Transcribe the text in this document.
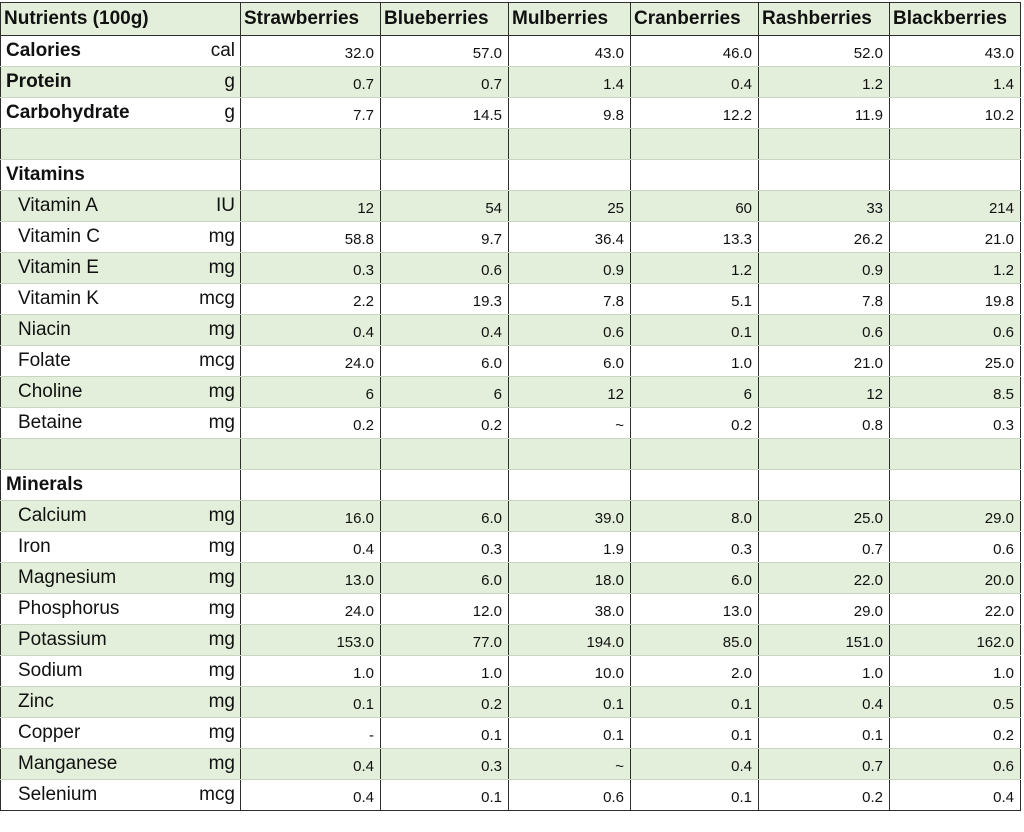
Nutrients (100g)	Strawberries	Blueberries	Mulberries	Cranberries	Rashberries	Blackberries

Calories cal	32.0	57.0	43.0	46.0	52.0	43.0

Protein g	0.7	0.7	1.4	0.4	1.2	1.4

Carbohydrate g	7.7	14.5	9.8	12.2	11.9	10.2

Vitamins						

Vitamin A IU	12	54	25	60	33	214

Vitamin C mg	58.8	9.7	36.4	13.3	26.2	21.0

Vitamin E mg	0.3	0.6	0.9	1.2	0.9	1.2

Vitamin K mcg	2.2	19.3	7.8	5.1	7.8	19.8

Niacin mg	0.4	0.4	0.6	0.1	0.6	0.6

Folate mcg	24.0	6.0	6.0	1.0	21.0	25.0

Choline mg	6	6	12	6	12	8.5

Betaine mg	0.2	0.2	~	0.2	0.8	0.3

Minerals						

Calcium mg	16.0	6.0	39.0	8.0	25.0	29.0

Iron mg	0.4	0.3	1.9	0.3	0.7	0.6

Magnesium mg	13.0	6.0	18.0	6.0	22.0	20.0

Phosphorus mg	24.0	12.0	38.0	13.0	29.0	22.0

Potassium mg	153.0	77.0	194.0	85.0	151.0	162.0

Sodium mg	1.0	1.0	10.0	2.0	1.0	1.0

Zinc mg	0.1	0.2	0.1	0.1	0.4	0.5

Copper mg	-	0.1	0.1	0.1	0.1	0.2

Manganese mg	0.4	0.3	~	0.4	0.7	0.6

Selenium mcg	0.4	0.1	0.6	0.1	0.2	0.4
